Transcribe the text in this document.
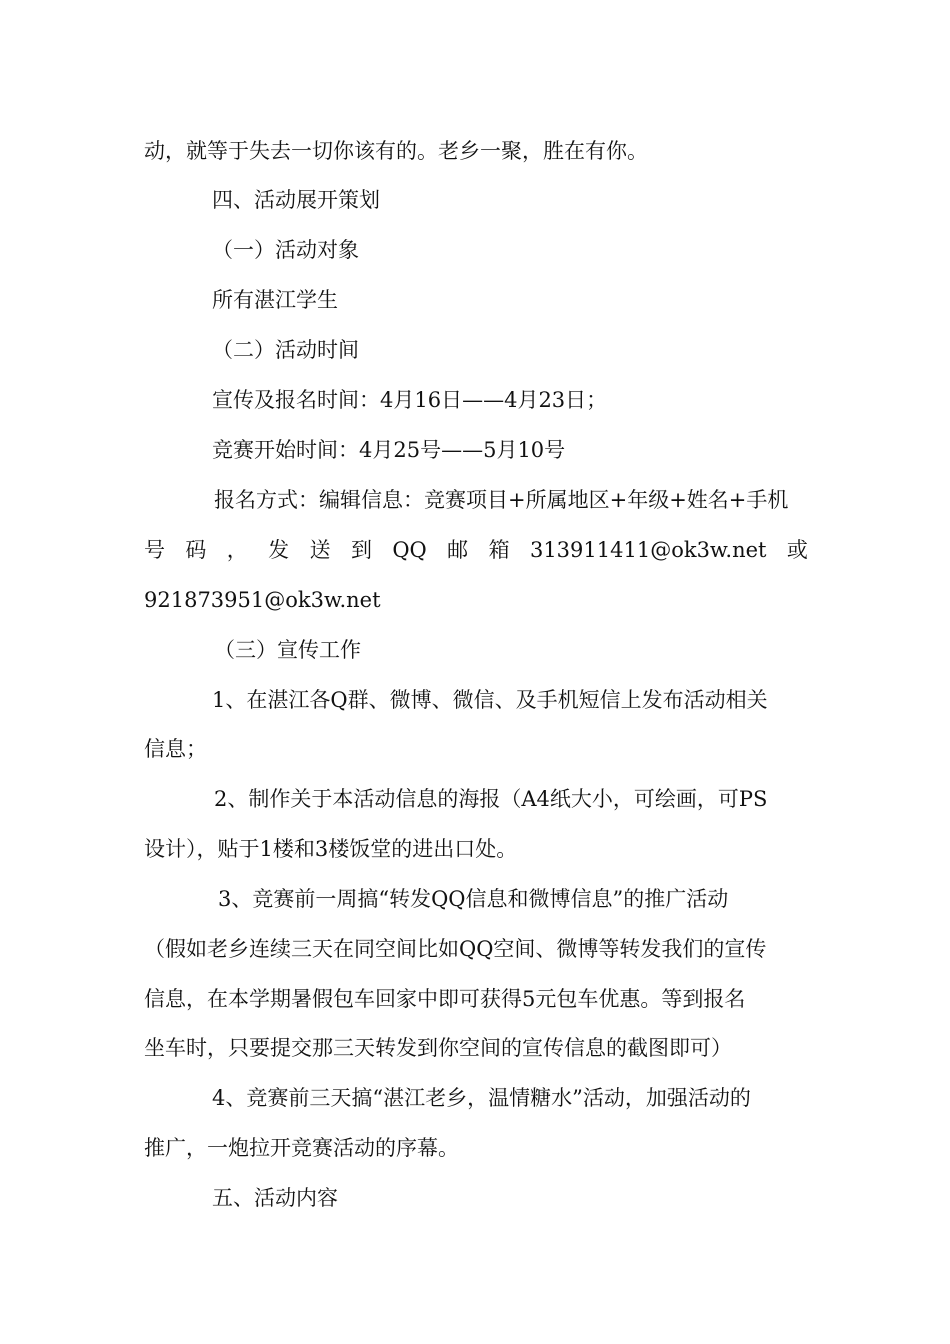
动，就等于失去一切你该有的。老乡一聚，胜在有你。
四、活动展开策划
（一）活动对象
所有湛江学生
（二）活动时间
宣传及报名时间：4月16日——4月23日；
竞赛开始时间：4月25号——5月10号
报名方式：编辑信息：竞赛项目+所属地区+年级+姓名+手机
号 码 ， 发 送 到 QQ 邮 箱 313911411@ok3w.net 或
921873951@ok3w.net
（三）宣传工作
1、在湛江各Q群、微博、微信、及手机短信上发布活动相关
信息；
2、制作关于本活动信息的海报（A4纸大小，可绘画，可PS
设计），贴于1楼和3楼饭堂的进出口处。
3、竞赛前一周搞“转发QQ信息和微博信息”的推广活动
（假如老乡连续三天在同空间比如QQ空间、微博等转发我们的宣传
信息，在本学期暑假包车回家中即可获得5元包车优惠。等到报名
坐车时，只要提交那三天转发到你空间的宣传信息的截图即可）
4、竞赛前三天搞“湛江老乡，温情糖水”活动，加强活动的
推广，一炮拉开竞赛活动的序幕。
五、活动内容
